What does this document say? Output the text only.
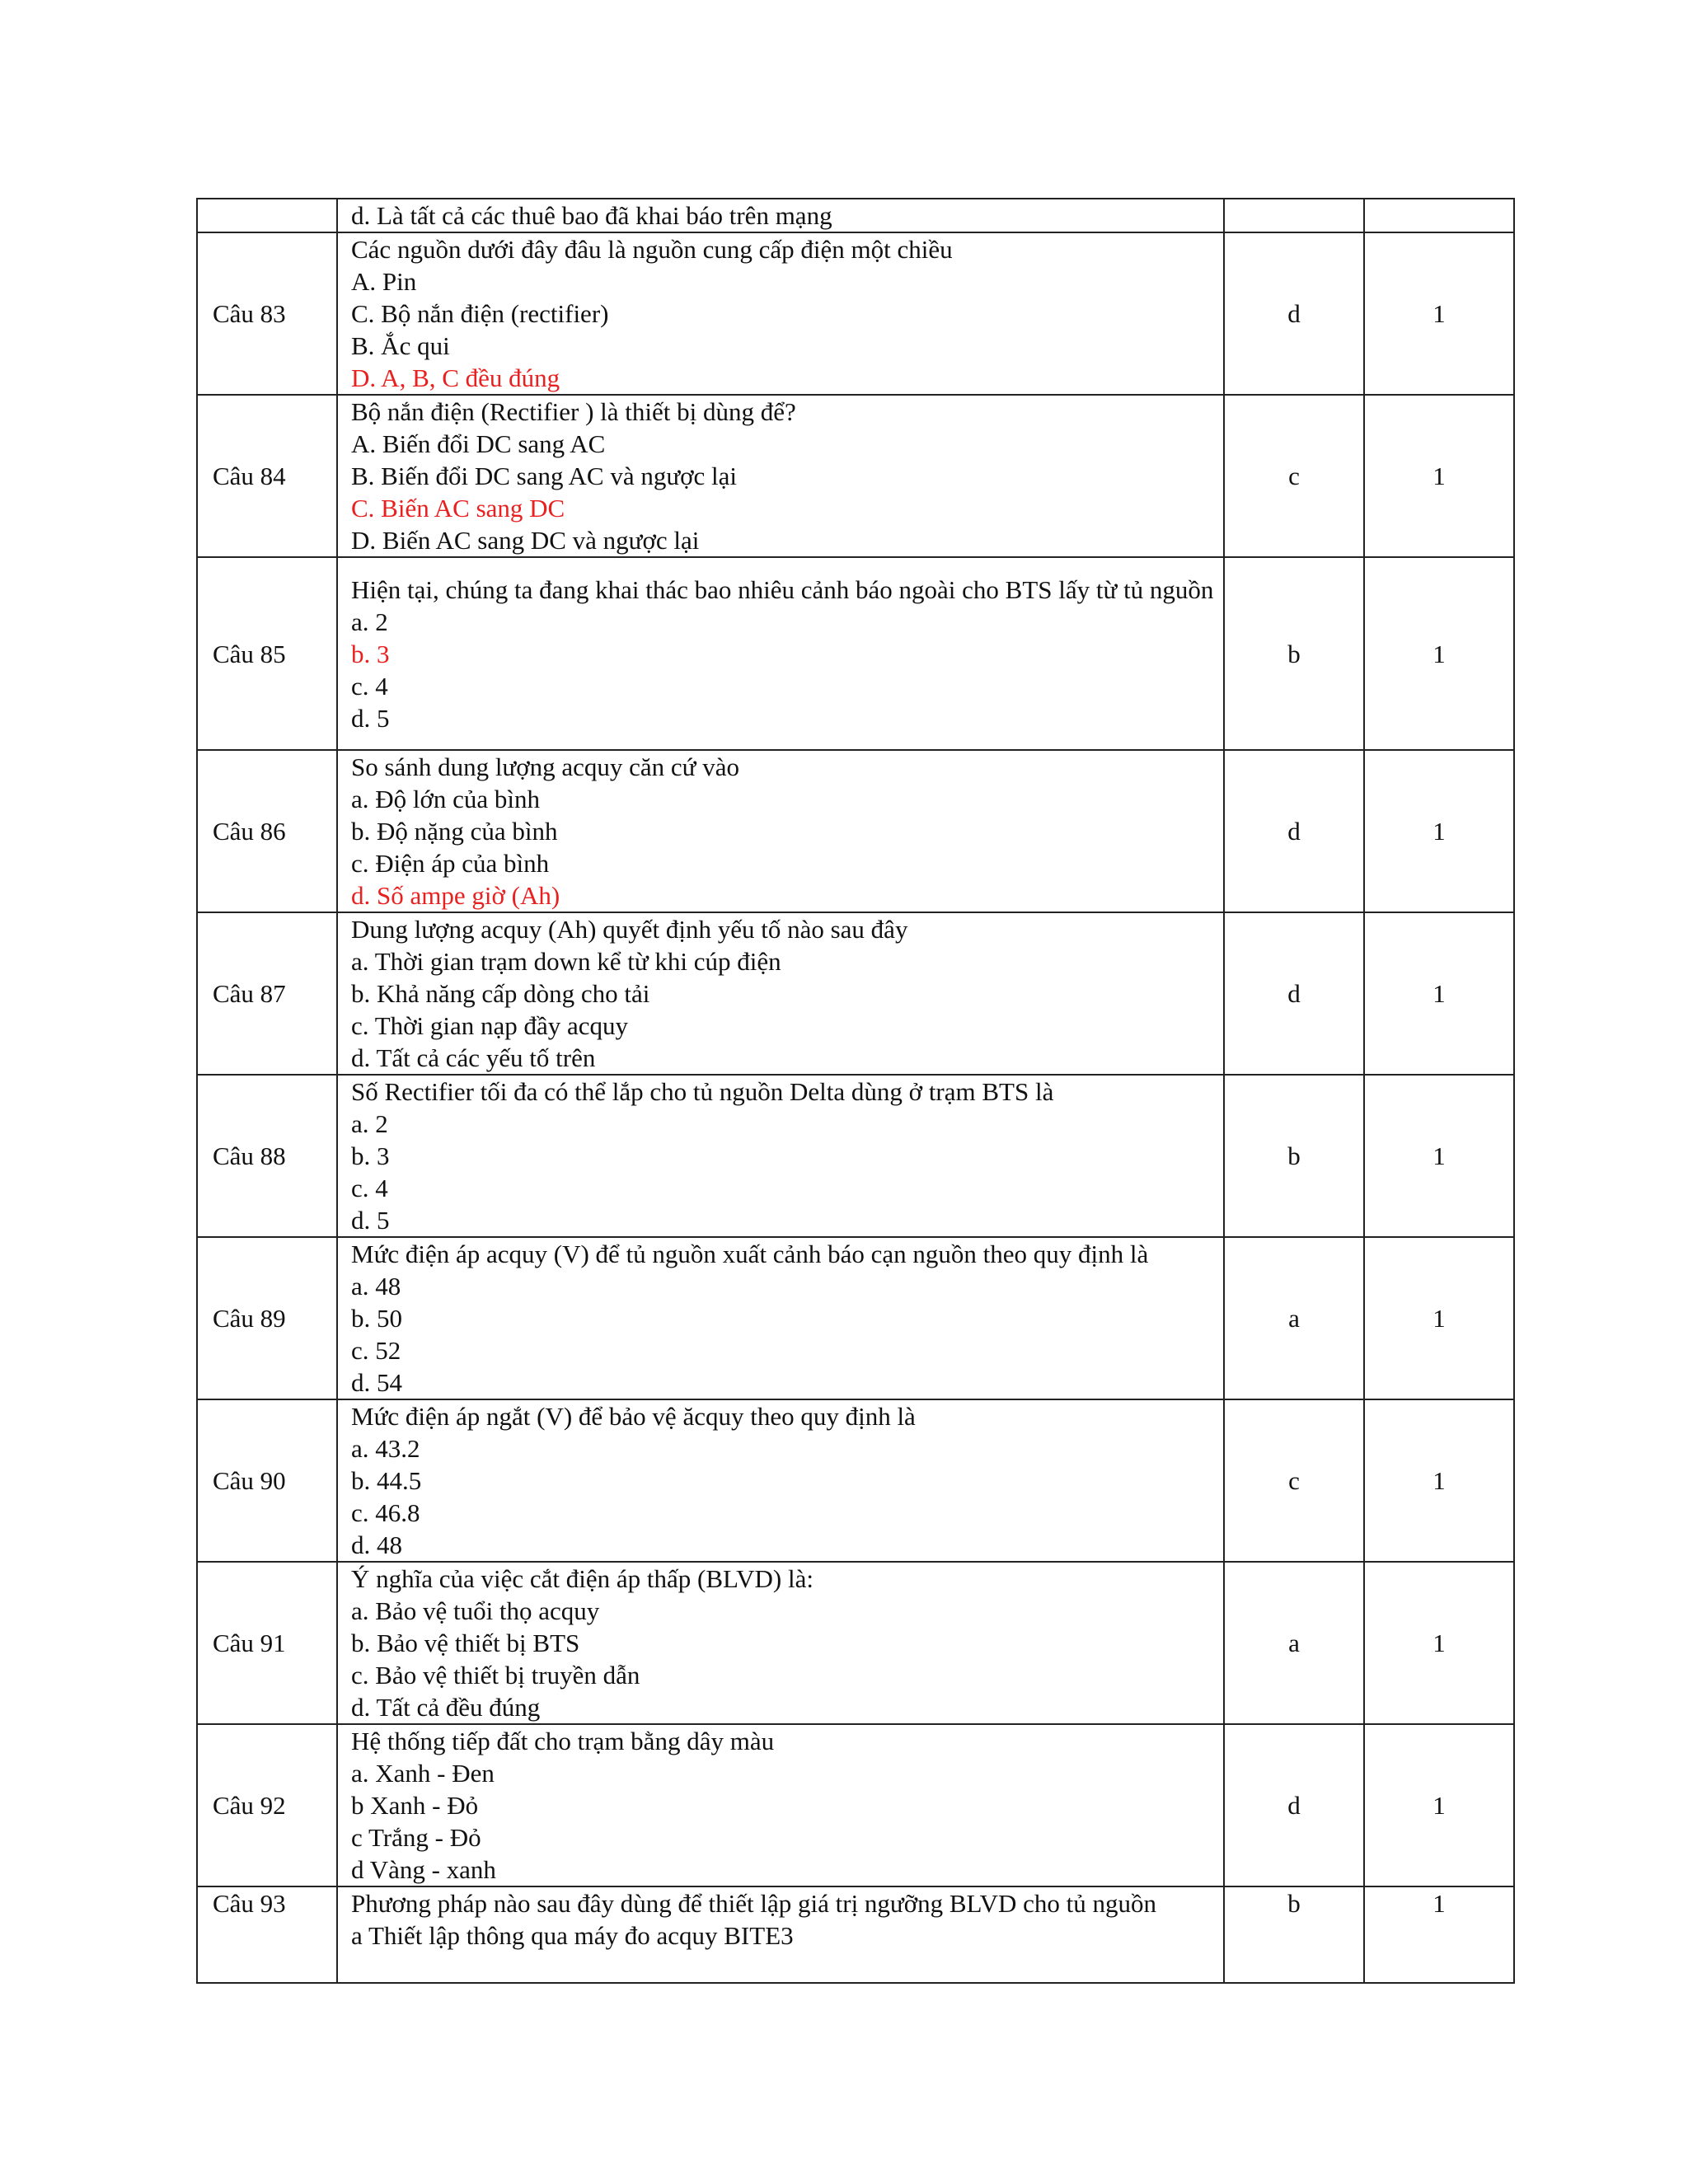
	d. Là tất cả các thuê bao đã khai báo trên mạng		

Câu 83	Các nguồn dưới đây đâu là nguồn cung cấp điện một chiều
A. Pin
C. Bộ nắn điện (rectifier)
B. Ắc qui
D. A, B, C đều đúng	d	1
Câu 84	Bộ nắn điện (Rectifier ) là thiết bị dùng để?
A. Biến đổi DC sang AC
B. Biến đổi DC sang AC và ngược lại
C. Biến AC sang DC
D. Biến AC sang DC và ngược lại	c	1
Câu 85	Hiện tại, chúng ta đang khai thác bao nhiêu cảnh báo ngoài cho BTS lấy từ tủ nguồn
a. 2
b. 3
c. 4
d. 5	b	1
Câu 86	So sánh dung lượng acquy căn cứ vào
a. Độ lớn của bình
b. Độ nặng của bình
c. Điện áp của bình
d. Số ampe giờ (Ah)	d	1
Câu 87	Dung lượng acquy (Ah) quyết định yếu tố nào sau đây
a. Thời gian trạm down kể từ khi cúp điện
b. Khả năng cấp dòng cho tải
c. Thời gian nạp đầy acquy
d. Tất cả các yếu tố trên	d	1
Câu 88	Số Rectifier tối đa có thể lắp cho tủ nguồn Delta dùng ở trạm BTS là
a. 2
b. 3
c. 4
d. 5	b	1
Câu 89	Mức điện áp acquy (V) để tủ nguồn xuất cảnh báo cạn nguồn theo quy định là
a. 48
b. 50
c. 52
d. 54	a	1
Câu 90	Mức điện áp ngắt (V) để bảo vệ ăcquy theo quy định là
a. 43.2
b. 44.5
c. 46.8
d. 48	c	1
Câu 91	Ý nghĩa của việc cắt điện áp thấp (BLVD) là:
a. Bảo vệ tuổi thọ acquy
b. Bảo vệ thiết bị BTS
c. Bảo vệ thiết bị truyền dẫn
d. Tất cả đều đúng	a	1
Câu 92	Hệ thống tiếp đất cho trạm bằng dây màu
a. Xanh - Đen
b Xanh - Đỏ
c Trắng - Đỏ
d Vàng - xanh	d	1
Câu 93	Phương pháp nào sau đây dùng để thiết lập giá trị ngưỡng BLVD cho tủ nguồn
a Thiết lập thông qua máy đo acquy BITE3	b	1
